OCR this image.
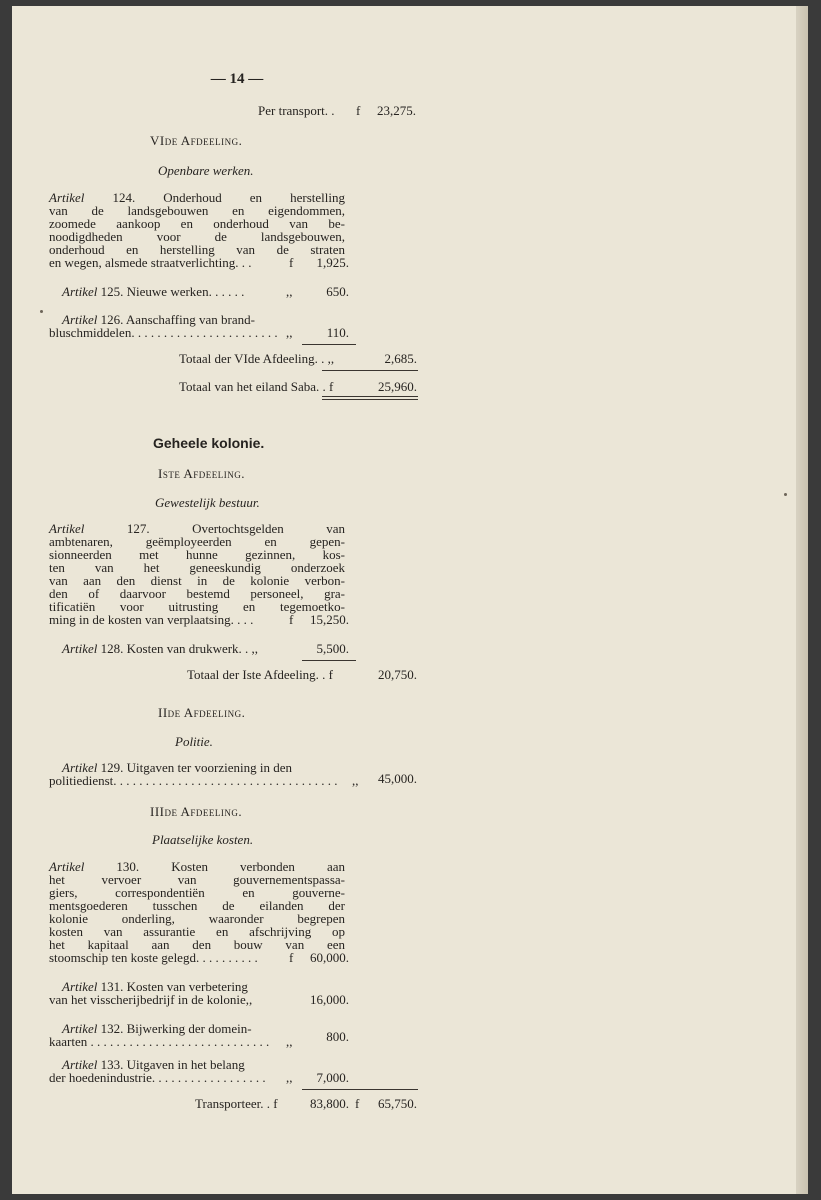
— 14 —
Per transport. . f	23,275.
VIde Afdeeling.
Openbare werken.
Artikel 124. Onderhoud en herstelling
van de landsgebouwen en eigendommen,
zoomede aankoop en onderhoud van be-
noodigdheden voor de landsgebouwen,
onderhoud en herstelling van de straten
en wegen, alsmede straatverlichting. . .	f	1,925.
Artikel 125. Nieuwe werken. . . . . .	,,	650.
Artikel 126. Aanschaffing van brand-
bluschmiddelen. . . . . . . . . . . . . . . . . . . . . . . ,,	110.
Totaal der VIde Afdeeling. . ,,	2,685.
Totaal van het eiland Saba. . f	25,960.
Geheele kolonie.
Iste Afdeeling.
Gewestelijk bestuur.
Artikel 127. Overtochtsgelden van
ambtenaren, geëmployeerden en gepen-
sionneerden met hunne gezinnen, kos-
ten van het geneeskundig onderzoek
van aan den dienst in de kolonie verbon-
den of daarvoor bestemd personeel, gra-
tificatiën voor uitrusting en tegemoetko-
ming in de kosten van verplaatsing. . . .	f	15,250.
Artikel 128. Kosten van drukwerk. . ,,	5,500.
Totaal der Iste Afdeeling. . f	20,750.
IIde Afdeeling.
Politie.
Artikel 129. Uitgaven ter voorziening in den
politiedienst. . . . . . . . . . . . . . . . . . . . . . . . . . . . . . . . . . . ,,	45,000.
IIIde Afdeeling.
Plaatselijke kosten.
Artikel 130. Kosten verbonden aan
het vervoer van gouvernementspassa-
giers, correspondentiën en gouverne-
mentsgoederen tusschen de eilanden der
kolonie onderling, waaronder begrepen
kosten van assurantie en afschrijving op
het kapitaal aan den bouw van een
stoomschip ten koste gelegd. . . . . . . . . .	f	60,000.
Artikel 131. Kosten van verbetering
van het visscherijbedrijf in de kolonie,,	16,000.
Artikel 132. Bijwerking der domein-
kaarten . . . . . . . . . . . . . . . . . . . . . . . . . . . . ,,	800.
Artikel 133. Uitgaven in het belang
der hoedenindustrie. . . . . . . . . . . . . . . . . . ,,	7,000.
Transporteer. . f	83,800. f	65,750.
